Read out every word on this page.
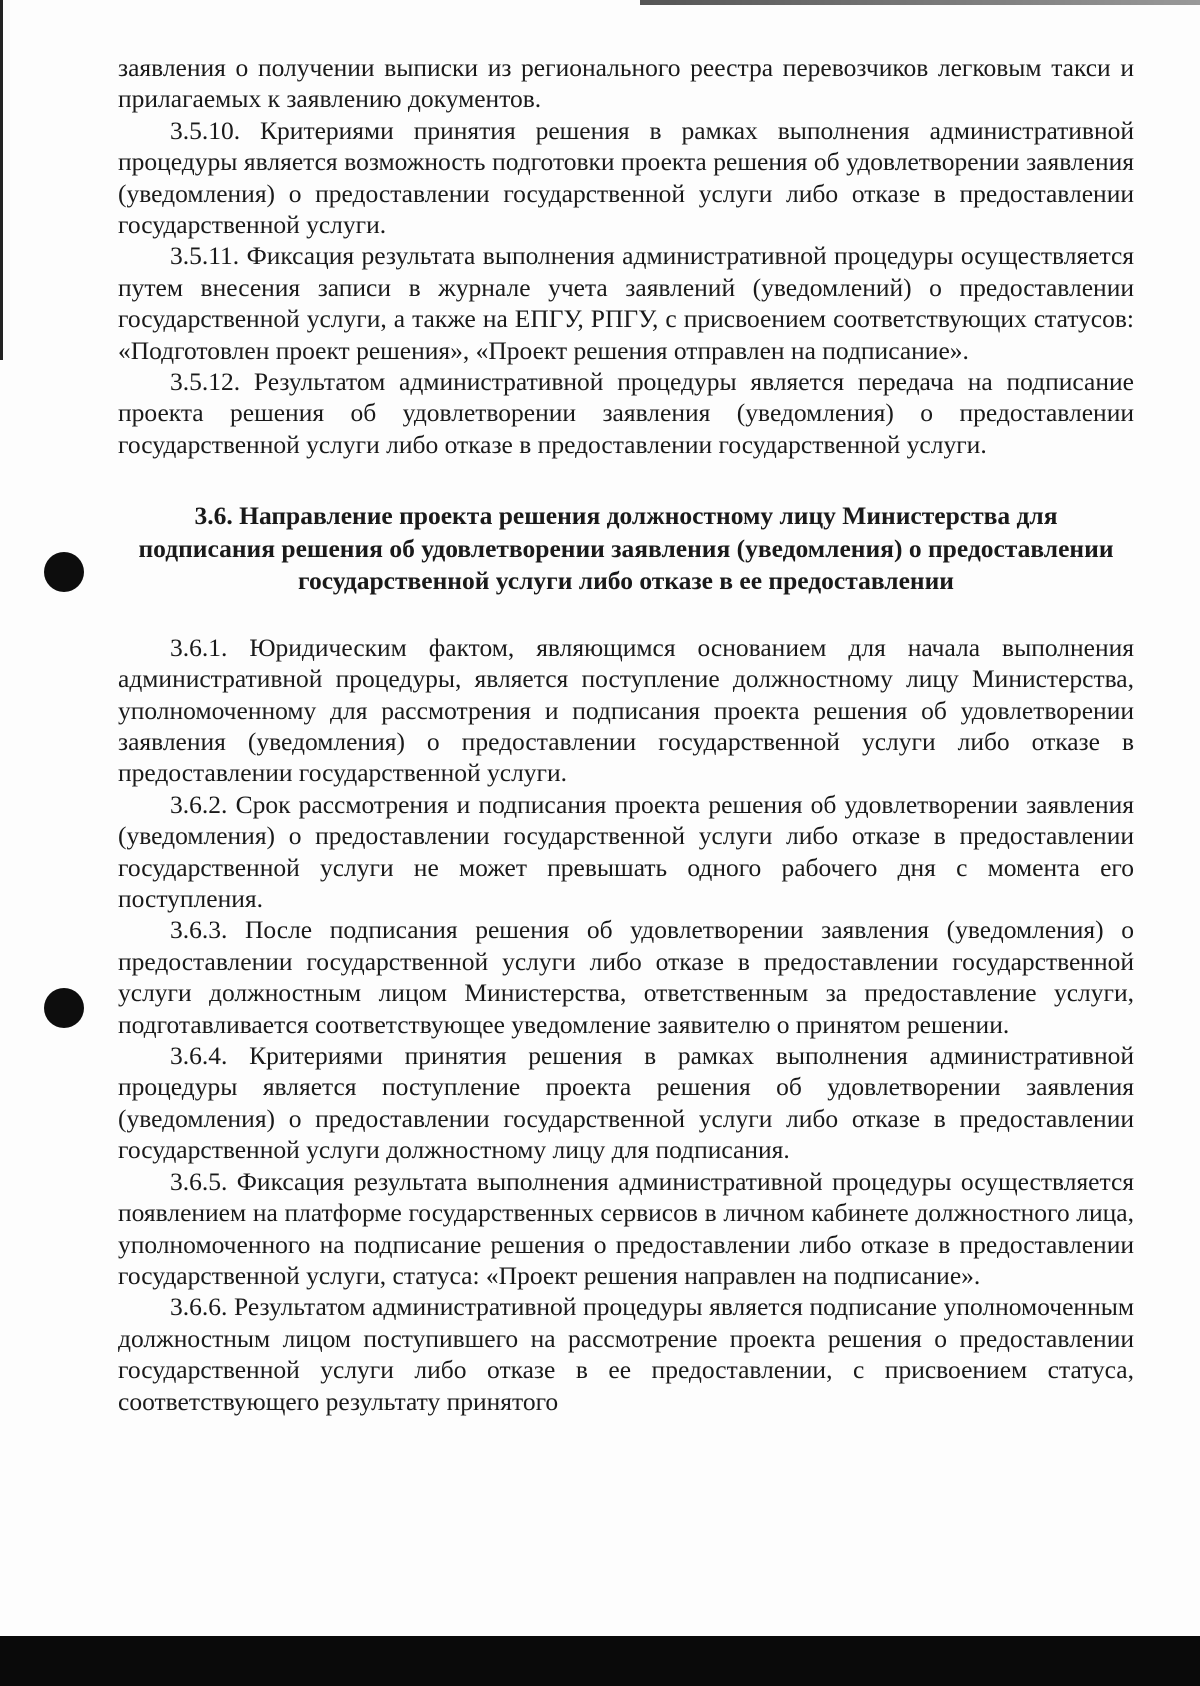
заявления о получении выписки из регионального реестра перевозчиков легковым такси и прилагаемых к заявлению документов.

3.5.10. Критериями принятия решения в рамках выполнения административной процедуры является возможность подготовки проекта решения об удовлетворении заявления (уведомления) о предоставлении государственной услуги либо отказе в предоставлении государственной услуги.

3.5.11. Фиксация результата выполнения административной процедуры осуществляется путем внесения записи в журнале учета заявлений (уведомлений) о предоставлении государственной услуги, а также на ЕПГУ, РПГУ, с присвоением соответствующих статусов: «Подготовлен проект решения», «Проект решения отправлен на подписание».

3.5.12. Результатом административной процедуры является передача на подписание проекта решения об удовлетворении заявления (уведомления) о предоставлении государственной услуги либо отказе в предоставлении государственной услуги.

3.6. Направление проекта решения должностному лицу Министерства для подписания решения об удовлетворении заявления (уведомления) о предоставлении государственной услуги либо отказе в ее предоставлении

3.6.1. Юридическим фактом, являющимся основанием для начала выполнения административной процедуры, является поступление должностному лицу Министерства, уполномоченному для рассмотрения и подписания проекта решения об удовлетворении заявления (уведомления) о предоставлении государственной услуги либо отказе в предоставлении государственной услуги.

3.6.2. Срок рассмотрения и подписания проекта решения об удовлетворении заявления (уведомления) о предоставлении государственной услуги либо отказе в предоставлении государственной услуги не может превышать одного рабочего дня с момента его поступления.

3.6.3. После подписания решения об удовлетворении заявления (уведомления) о предоставлении государственной услуги либо отказе в предоставлении государственной услуги должностным лицом Министерства, ответственным за предоставление услуги, подготавливается соответствующее уведомление заявителю о принятом решении.

3.6.4. Критериями принятия решения в рамках выполнения административной процедуры является поступление проекта решения об удовлетворении заявления (уведомления) о предоставлении государственной услуги либо отказе в предоставлении государственной услуги должностному лицу для подписания.

3.6.5. Фиксация результата выполнения административной процедуры осуществляется появлением на платформе государственных сервисов в личном кабинете должностного лица, уполномоченного на подписание решения о предоставлении либо отказе в предоставлении государственной услуги, статуса: «Проект решения направлен на подписание».

3.6.6. Результатом административной процедуры является подписание уполномоченным должностным лицом поступившего на рассмотрение проекта решения о предоставлении государственной услуги либо отказе в ее предоставлении, с присвоением статуса, соответствующего результату принятого
